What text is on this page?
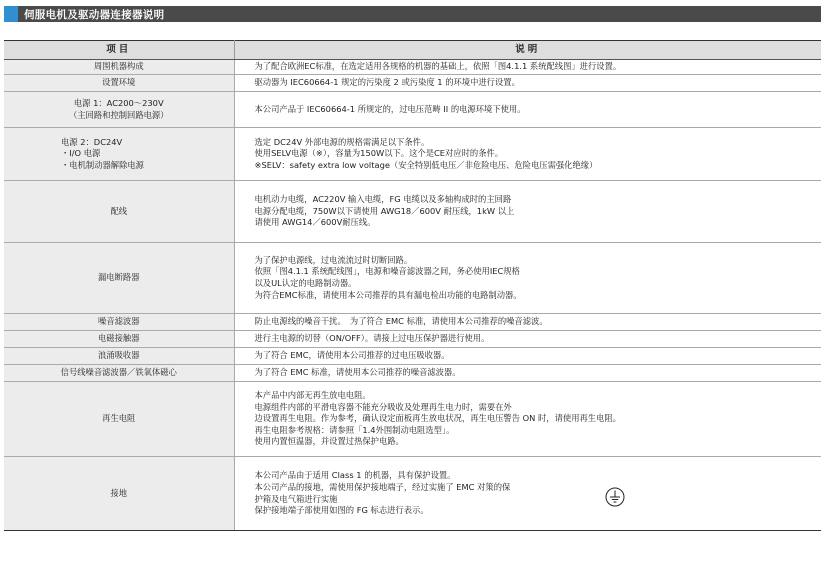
伺服电机及驱动器连接器说明
项目	说明

周围机器构成	为了配合欧洲EC标准，在选定适用各规格的机器的基础上，依照「图4.1.1 系统配线图」进行设置。

设置环境	驱动器为 IEC60664-1 规定的污染度 2 或污染度 1 的环境中进行设置。

电源 1：AC200～230V
（主回路和控制回路电源）	本公司产品于 IEC60664-1 所规定的，过电压范畴 II 的电源环境下使用。

电源 2：DC24V
・I/O 电源
・电机制动器解除电源	选定 DC24V 外部电源的规格需满足以下条件。
使用SELV电源（※），容量为150W以下。这个是CE对应时的条件。
※SELV：safety extra low voltage（安全特别低电压／非危险电压、危险电压需强化绝缘）

配线	电机动力电缆，AC220V 输入电缆，FG 电缆以及多轴构成时的主回路
电源分配电缆，750W以下请使用 AWG18／600V 耐压线，1kW 以上
请使用 AWG14／600V耐压线。

漏电断路器	为了保护电源线，过电流流过时切断回路。
依照「图4.1.1 系统配线图」，电源和噪音滤波器之间，务必使用IEC规格
以及UL认定的电路制动器。
为符合EMC标准，请使用本公司推荐的具有漏电检出功能的电路制动器。

噪音滤波器	防止电源线的噪音干扰。　为了符合 EMC 标准，请使用本公司推荐的噪音滤波。

电磁接触器	进行主电源的切替（ON/OFF）。请接上过电压保护器进行使用。

浪涌吸收器	为了符合 EMC，请使用本公司推荐的过电压吸收器。

信号线噪音滤波器／铁氧体磁心	为了符合 EMC 标准，请使用本公司推荐的噪音滤波器。

再生电阻	本产品中内部无再生放电电阻。
电源组件内部的平滑电容器不能充分吸收及处理再生电力时，需要在外
边设置再生电阻。作为参考，确认设定面板再生放电状况，再生电压警告 ON 时，请使用再生电阻。
再生电阻参考规格：请参照「1.4外围制动电阻选型」。
使用内置恒温器，并设置过热保护电路。

接地	本公司产品由于适用 Class 1 的机器，具有保护设置。
本公司产品的接地，需使用保护接地端子，经过实施了 EMC 对策的保
护箱及电气箱进行实施
保护接地端子部使用如图的 FG 标志进行表示。
